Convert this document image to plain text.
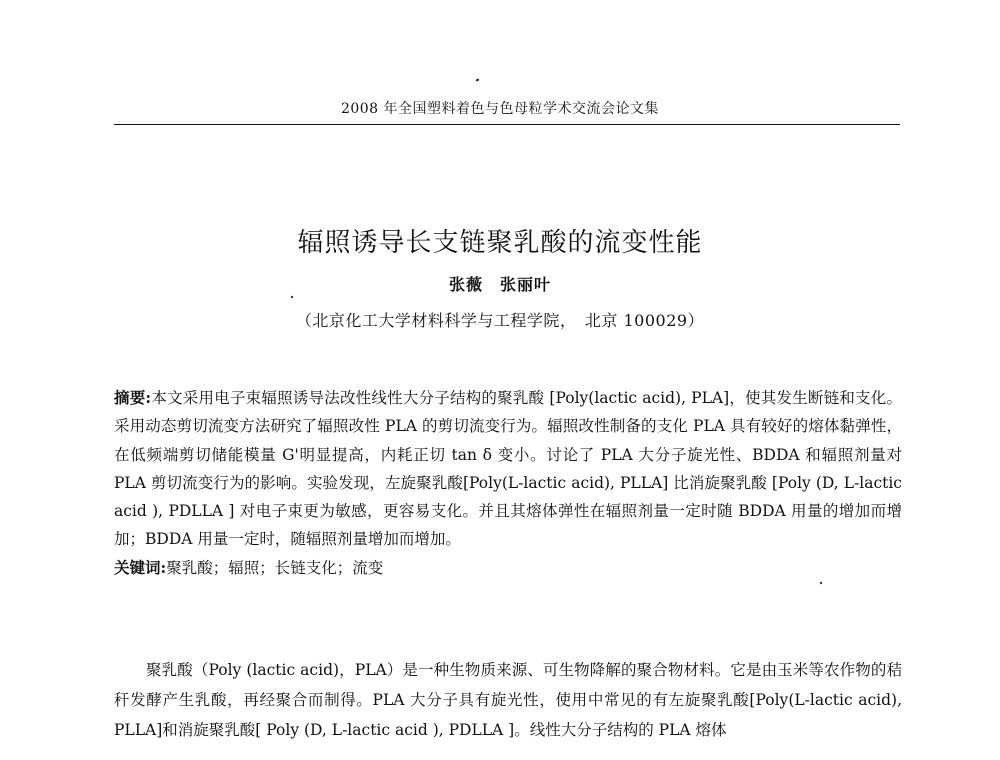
2008 年全国塑料着色与色母粒学术交流会论文集
辐照诱导长支链聚乳酸的流变性能
张薇　张丽叶
（北京化工大学材料科学与工程学院，　北京 100029）
摘要:本文采用电子束辐照诱导法改性线性大分子结构的聚乳酸 [Poly(lactic acid), PLA]，使其发生断链和支化。采用动态剪切流变方法研究了辐照改性 PLA 的剪切流变行为。辐照改性制备的支化 PLA 具有较好的熔体黏弹性，在低频端剪切储能模量 G'明显提高，内耗正切 tan δ 变小。讨论了 PLA 大分子旋光性、BDDA 和辐照剂量对 PLA 剪切流变行为的影响。实验发现，左旋聚乳酸[Poly(L-lactic acid), PLLA] 比消旋聚乳酸 [Poly (D, L-lactic acid ), PDLLA ] 对电子束更为敏感，更容易支化。并且其熔体弹性在辐照剂量一定时随 BDDA 用量的增加而增加；BDDA 用量一定时，随辐照剂量增加而增加。
关键词:聚乳酸；辐照；长链支化；流变
聚乳酸（Poly (lactic acid)，PLA）是一种生物质来源、可生物降解的聚合物材料。它是由玉米等农作物的秸秆发酵产生乳酸，再经聚合而制得。PLA 大分子具有旋光性，使用中常见的有左旋聚乳酸[Poly(L-lactic acid), PLLA]和消旋聚乳酸[ Poly (D, L-lactic acid ), PDLLA ]。线性大分子结构的 PLA 熔体
